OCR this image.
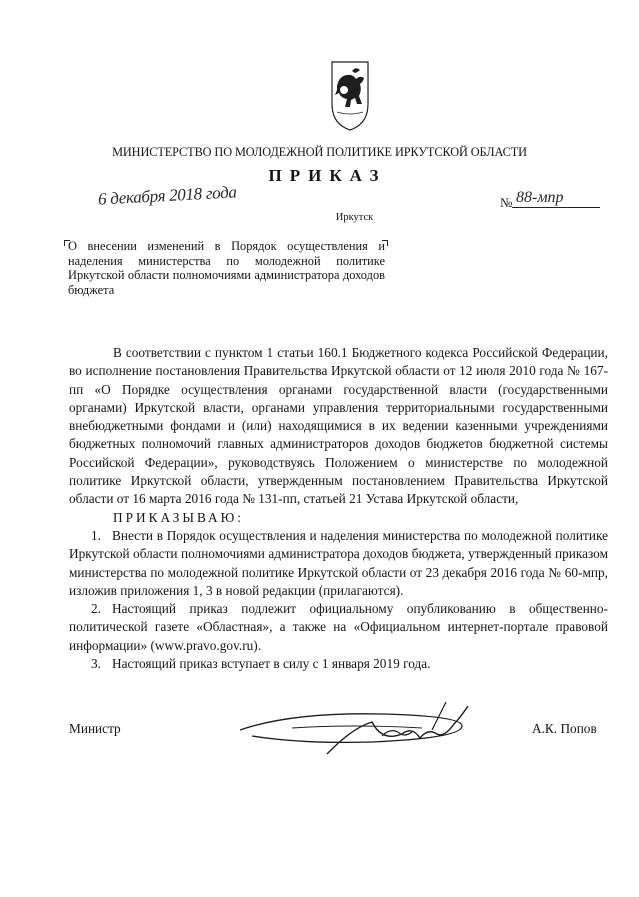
МИНИСТЕРСТВО ПО МОЛОДЕЖНОЙ ПОЛИТИКЕ ИРКУТСКОЙ ОБЛАСТИ
ПРИКАЗ
6 декабря 2018 года	№ 88-мпр
Иркутск
О внесении изменений в Порядок осуществления и наделения министерства по молодежной политике Иркутской области полномочиями администратора доходов бюджета

В соответствии с пунктом 1 статьи 160.1 Бюджетного кодекса Российской Федерации, во исполнение постановления Правительства Иркутской области от 12 июля 2010 года № 167-пп «О Порядке осуществления органами государственной власти (государственными органами) Иркутской власти, органами управления территориальными государственными внебюджетными фондами и (или) находящимися в их ведении казенными учреждениями бюджетных полномочий главных администраторов доходов бюджетов бюджетной системы Российской Федерации», руководствуясь Положением о министерстве по молодежной политике Иркутской области, утвержденным постановлением Правительства Иркутской области от 16 марта 2016 года № 131-пп, статьей 21 Устава Иркутской области,

ПРИКАЗЫВАЮ:

1. Внести в Порядок осуществления и наделения министерства по молодежной политике Иркутской области полномочиями администратора доходов бюджета, утвержденный приказом министерства по молодежной политике Иркутской области от 23 декабря 2016 года № 60-мпр, изложив приложения 1, 3 в новой редакции (прилагаются).

2. Настоящий приказ подлежит официальному опубликованию в общественно-политической газете «Областная», а также на «Официальном интернет-портале правовой информации» (www.pravo.gov.ru).

3. Настоящий приказ вступает в силу с 1 января 2019 года.

Министр	А.К. Попов
